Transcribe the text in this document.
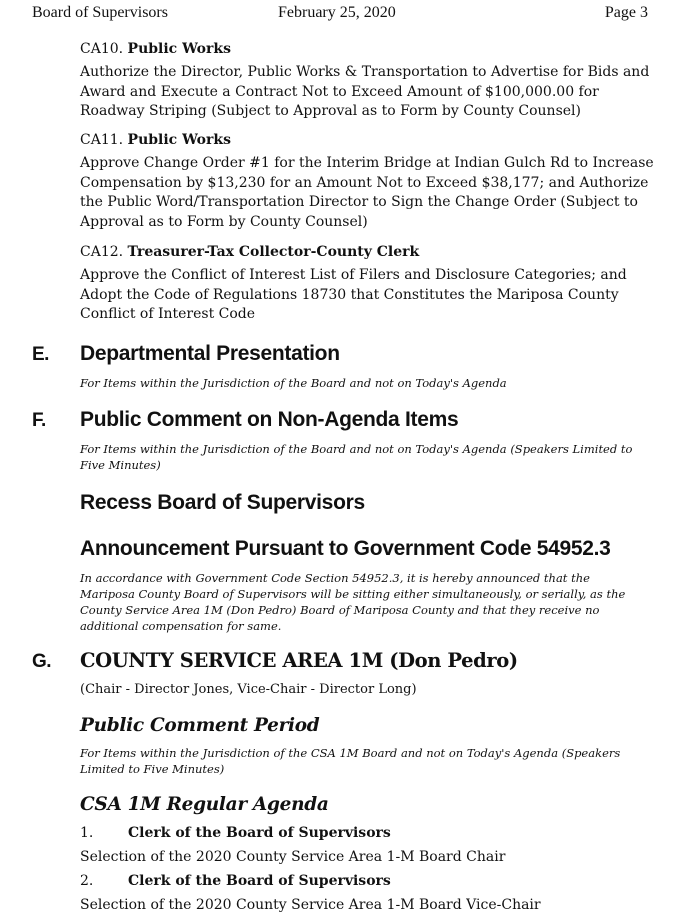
Board of Supervisors	February 25, 2020	Page 3
CA10. Public Works
Authorize the Director, Public Works & Transportation to Advertise for Bids and
Award and Execute a Contract Not to Exceed Amount of $100,000.00 for
Roadway Striping (Subject to Approval as to Form by County Counsel)
CA11. Public Works
Approve Change Order #1 for the Interim Bridge at Indian Gulch Rd to Increase
Compensation by $13,230 for an Amount Not to Exceed $38,177; and Authorize
the Public Word/Transportation Director to Sign the Change Order (Subject to
Approval as to Form by County Counsel)
CA12. Treasurer-Tax Collector-County Clerk
Approve the Conflict of Interest List of Filers and Disclosure Categories; and
Adopt the Code of Regulations 18730 that Constitutes the Mariposa County
Conflict of Interest Code
E. Departmental Presentation
For Items within the Jurisdiction of the Board and not on Today's Agenda
F. Public Comment on Non-Agenda Items
For Items within the Jurisdiction of the Board and not on Today's Agenda (Speakers Limited to
Five Minutes)
Recess Board of Supervisors
Announcement Pursuant to Government Code 54952.3
In accordance with Government Code Section 54952.3, it is hereby announced that the
Mariposa County Board of Supervisors will be sitting either simultaneously, or serially, as the
County Service Area 1M (Don Pedro) Board of Mariposa County and that they receive no
additional compensation for same.
G. COUNTY SERVICE AREA 1M (Don Pedro)
(Chair - Director Jones, Vice-Chair - Director Long)
Public Comment Period
For Items within the Jurisdiction of the CSA 1M Board and not on Today's Agenda (Speakers
Limited to Five Minutes)
CSA 1M Regular Agenda
1. Clerk of the Board of Supervisors
Selection of the 2020 County Service Area 1-M Board Chair
2. Clerk of the Board of Supervisors
Selection of the 2020 County Service Area 1-M Board Vice-Chair
